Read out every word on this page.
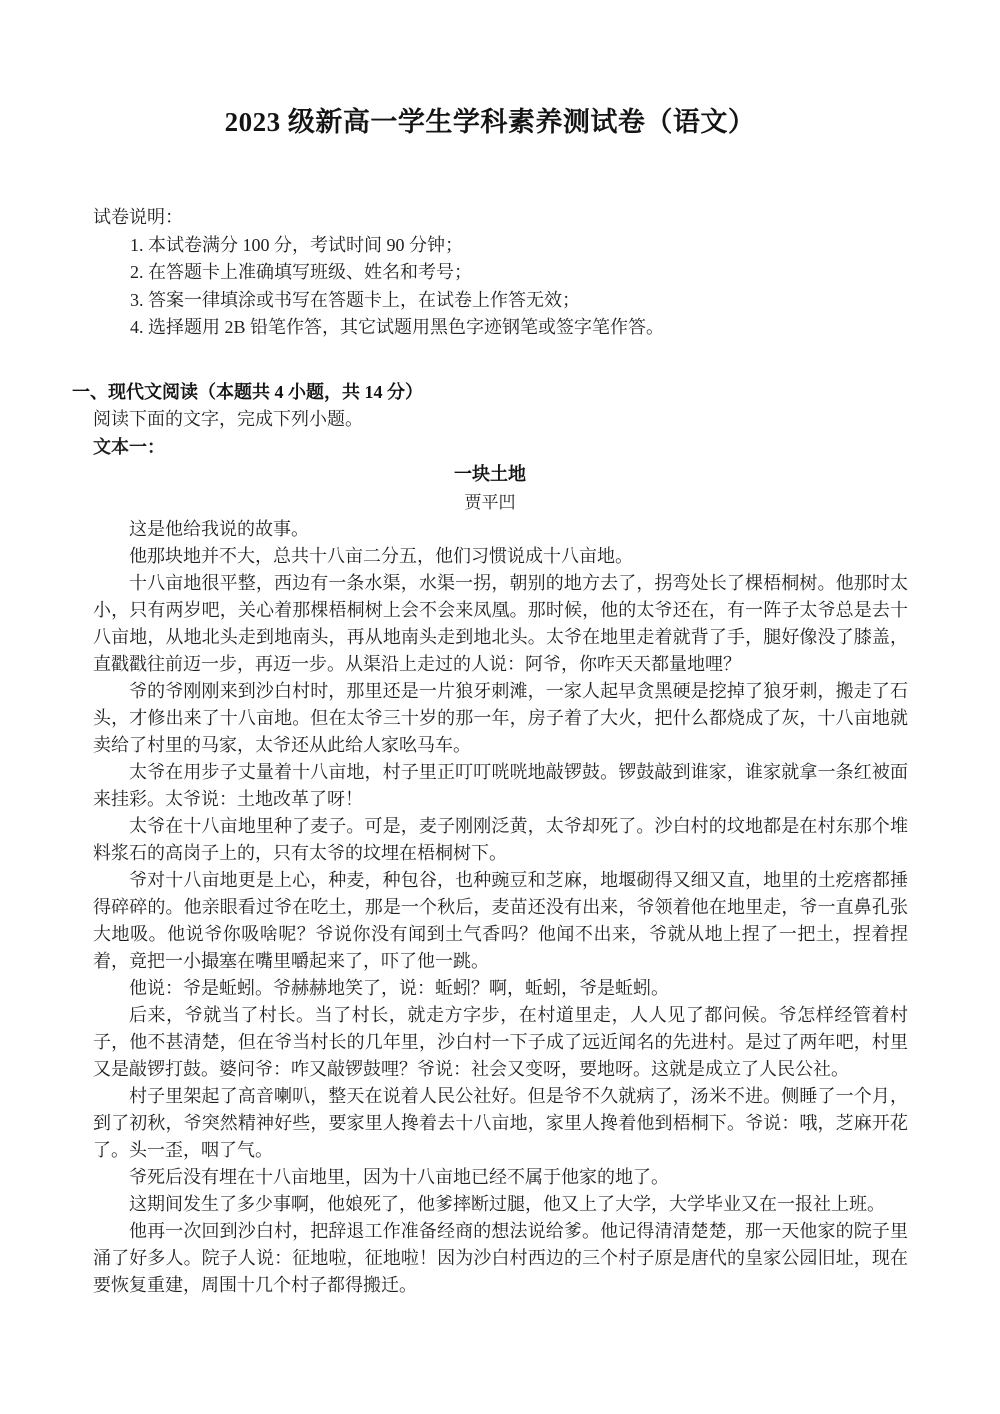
2023 级新高一学生学科素养测试卷（语文）

试卷说明：

1. 本试卷满分 100 分，考试时间 90 分钟；

2. 在答题卡上准确填写班级、姓名和考号；

3. 答案一律填涂或书写在答题卡上，在试卷上作答无效；

4. 选择题用 2B 铅笔作答，其它试题用黑色字迹钢笔或签字笔作答。

一、现代文阅读（本题共 4 小题，共 14 分）

阅读下面的文字，完成下列小题。

文本一：

一块土地

贾平凹

这是他给我说的故事。

他那块地并不大，总共十八亩二分五，他们习惯说成十八亩地。

十八亩地很平整，西边有一条水渠，水渠一拐，朝别的地方去了，拐弯处长了棵梧桐树。他那时太小，只有两岁吧，关心着那棵梧桐树上会不会来凤凰。那时候，他的太爷还在，有一阵子太爷总是去十八亩地，从地北头走到地南头，再从地南头走到地北头。太爷在地里走着就背了手，腿好像没了膝盖，直戳戳往前迈一步，再迈一步。从渠沿上走过的人说：阿爷，你咋天天都量地哩？

爷的爷刚刚来到沙白村时，那里还是一片狼牙刺滩，一家人起早贪黑硬是挖掉了狼牙刺，搬走了石头，才修出来了十八亩地。但在太爷三十岁的那一年，房子着了大火，把什么都烧成了灰，十八亩地就卖给了村里的马家，太爷还从此给人家吆马车。

太爷在用步子丈量着十八亩地，村子里正叮叮咣咣地敲锣鼓。锣鼓敲到谁家，谁家就拿一条红被面来挂彩。太爷说：土地改革了呀！

太爷在十八亩地里种了麦子。可是，麦子刚刚泛黄，太爷却死了。沙白村的坟地都是在村东那个堆料浆石的高岗子上的，只有太爷的坟埋在梧桐树下。

爷对十八亩地更是上心，种麦，种包谷，也种豌豆和芝麻，地堰砌得又细又直，地里的土疙瘩都捶得碎碎的。他亲眼看过爷在吃土，那是一个秋后，麦苗还没有出来，爷领着他在地里走，爷一直鼻孔张大地吸。他说爷你吸啥呢？爷说你没有闻到土气香吗？他闻不出来，爷就从地上捏了一把土，捏着捏着，竟把一小撮塞在嘴里嚼起来了，吓了他一跳。

他说：爷是蚯蚓。爷赫赫地笑了，说：蚯蚓？啊，蚯蚓，爷是蚯蚓。

后来，爷就当了村长。当了村长，就走方字步，在村道里走，人人见了都问候。爷怎样经管着村子，他不甚清楚，但在爷当村长的几年里，沙白村一下子成了远近闻名的先进村。是过了两年吧，村里又是敲锣打鼓。婆问爷：咋又敲锣鼓哩？爷说：社会又变呀，要地呀。这就是成立了人民公社。

村子里架起了高音喇叭，整天在说着人民公社好。但是爷不久就病了，汤米不进。侧睡了一个月，到了初秋，爷突然精神好些，要家里人搀着去十八亩地，家里人搀着他到梧桐下。爷说：哦，芝麻开花了。头一歪，咽了气。

爷死后没有埋在十八亩地里，因为十八亩地已经不属于他家的地了。

这期间发生了多少事啊，他娘死了，他爹摔断过腿，他又上了大学，大学毕业又在一报社上班。

他再一次回到沙白村，把辞退工作准备经商的想法说给爹。他记得清清楚楚，那一天他家的院子里涌了好多人。院子人说：征地啦，征地啦！因为沙白村西边的三个村子原是唐代的皇家公园旧址，现在要恢复重建，周围十几个村子都得搬迁。
